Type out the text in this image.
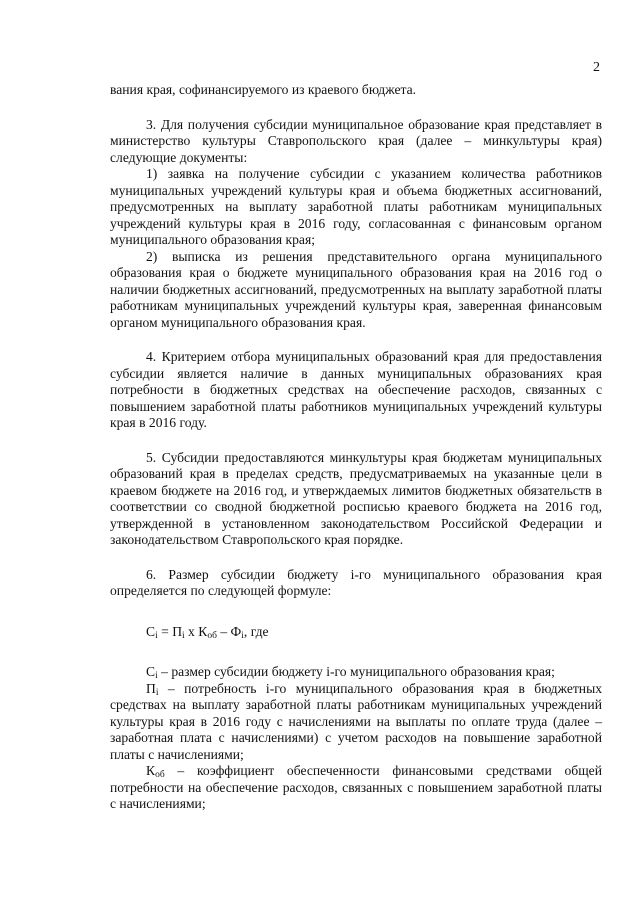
2

вания края, софинансируемого из краевого бюджета.

3. Для получения субсидии муниципальное образование края представляет в министерство культуры Ставропольского края (далее – минкультуры края) следующие документы:

1) заявка на получение субсидии с указанием количества работников муниципальных учреждений культуры края и объема бюджетных ассигнований, предусмотренных на выплату заработной платы работникам муниципальных учреждений культуры края в 2016 году, согласованная с финансовым органом муниципального образования края;

2) выписка из решения представительного органа муниципального образования края о бюджете муниципального образования края на 2016 год о наличии бюджетных ассигнований, предусмотренных на выплату заработной платы работникам муниципальных учреждений культуры края, заверенная финансовым органом муниципального образования края.

4. Критерием отбора муниципальных образований края для предоставления субсидии является наличие в данных муниципальных образованиях края потребности в бюджетных средствах на обеспечение расходов, связанных с повышением заработной платы работников муниципальных учреждений культуры края в 2016 году.

5. Субсидии предоставляются минкультуры края бюджетам муниципальных образований края в пределах средств, предусматриваемых на указанные цели в краевом бюджете на 2016 год, и утверждаемых лимитов бюджетных обязательств в соответствии со сводной бюджетной росписью краевого бюджета на 2016 год, утвержденной в установленном законодательством Российской Федерации и законодательством Ставропольского края порядке.

6. Размер субсидии бюджету i-го муниципального образования края определяется по следующей формуле:

$С_i = П_i$ х $К_{об} - Ф_i$, где

$С_i$ – размер субсидии бюджету i-го муниципального образования края;

$П_i$ – потребность i-го муниципального образования края в бюджетных средствах на выплату заработной платы работникам муниципальных учреждений культуры края в 2016 году с начислениями на выплаты по оплате труда (далее – заработная плата с начислениями) с учетом расходов на повышение заработной платы с начислениями;

$К_{об}$ – коэффициент обеспеченности финансовыми средствами общей потребности на обеспечение расходов, связанных с повышением заработной платы с начислениями;
